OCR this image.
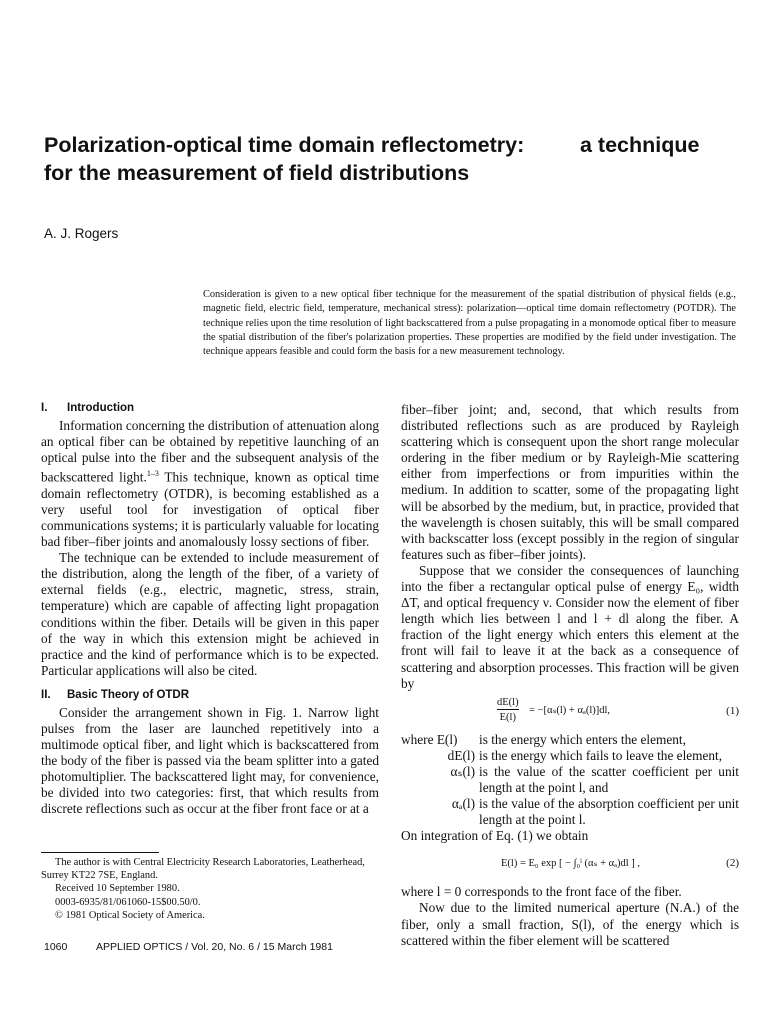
Polarization-optical time domain reflectometry:	a technique
for the measurement of field distributions

A. J. Rogers

Consideration is given to a new optical fiber technique for the measurement of the spatial distribution of physical fields (e.g., magnetic field, electric field, temperature, mechanical stress): polarization—optical time domain reflectometry (POTDR). The technique relies upon the time resolution of light backscattered from a pulse propagating in a monomode optical fiber to measure the spatial distribution of the fiber's polarization properties. These properties are modified by the field under investigation. The technique appears feasible and could form the basis for a new measurement technology.

I. Introduction

Information concerning the distribution of attenuation along an optical fiber can be obtained by repetitive launching of an optical pulse into the fiber and the subsequent analysis of the backscattered light.$^{1-3}$ This technique, known as optical time domain reflectometry (OTDR), is becoming established as a very useful tool for investigation of optical fiber communications systems; it is particularly valuable for locating bad fiber–fiber joints and anomalously lossy sections of fiber.

The technique can be extended to include measurement of the distribution, along the length of the fiber, of a variety of external fields (e.g., electric, magnetic, stress, strain, temperature) which are capable of affecting light propagation conditions within the fiber. Details will be given in this paper of the way in which this extension might be achieved in practice and the kind of performance which is to be expected. Particular applications will also be cited.

II. Basic Theory of OTDR

Consider the arrangement shown in Fig. 1. Narrow light pulses from the laser are launched repetitively into a multimode optical fiber, and light which is backscattered from the body of the fiber is passed via the beam splitter into a gated photomultiplier. The backscattered light may, for convenience, be divided into two categories: first, that which results from discrete reflections such as occur at the fiber front face or at a

fiber–fiber joint; and, second, that which results from distributed reflections such as are produced by Rayleigh scattering which is consequent upon the short range molecular ordering in the fiber medium or by Rayleigh-Mie scattering either from imperfections or from impurities within the medium. In addition to scatter, some of the propagating light will be absorbed by the medium, but, in practice, provided that the wavelength is chosen suitably, this will be small compared with backscatter loss (except possibly in the region of singular features such as fiber–fiber joints).

Suppose that we consider the consequences of launching into the fiber a rectangular optical pulse of energy E₀, width ΔT, and optical frequency ν. Consider now the element of fiber length which lies between l and l + dl along the fiber. A fraction of the light energy which enters this element at the front will fail to leave it at the back as a consequence of scattering and absorption processes. This fraction will be given by

$\frac{dE(l)}{E(l)} = -[\alpha_s(l) + \alpha_a(l)]dl$,	(1)
where E(l)	is the energy which enters the element,
dE(l) is the energy which fails to leave the element,
αₛ(l) is the value of the scatter coefficient per unit length at the point l, and
αₐ(l) is the value of the absorption coefficient per unit length at the point l.

On integration of Eq. (1) we obtain

E(l) = E₀ exp [ − ∫₀ˡ (αₛ + αₐ)dl ] ,	(2)

where l = 0 corresponds to the front face of the fiber.

Now due to the limited numerical aperture (N.A.) of the fiber, only a small fraction, S(l), of the energy which is scattered within the fiber element will be scattered

The author is with Central Electricity Research Laboratories, Leatherhead, Surrey KT22 7SE, England.

Received 10 September 1980.

0003-6935/81/061060-15$00.50/0.

© 1981 Optical Society of America.

1060	APPLIED OPTICS / Vol. 20, No. 6 / 15 March 1981
